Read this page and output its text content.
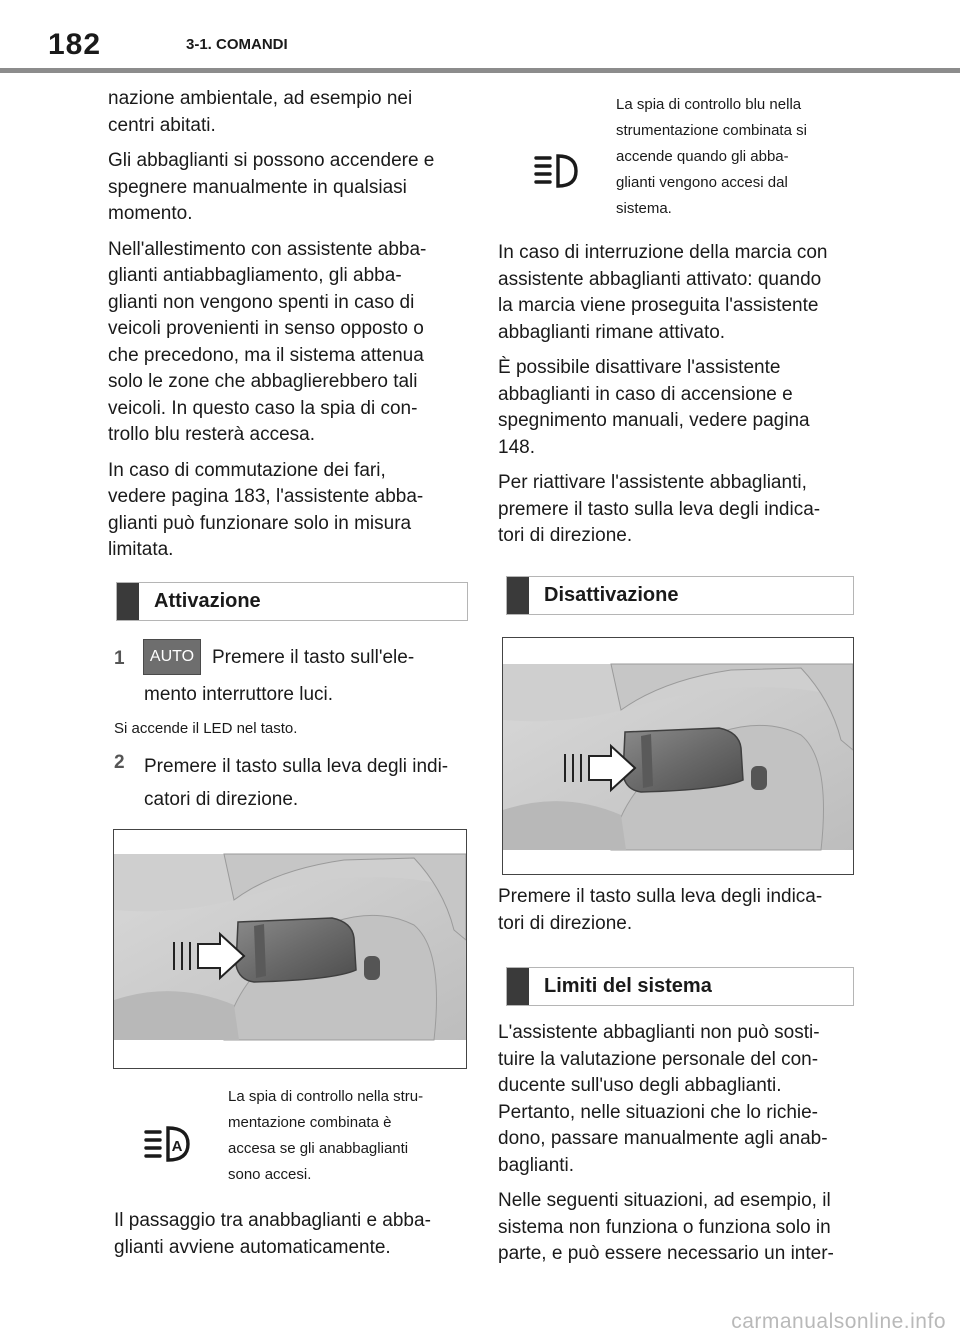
182	3-1. COMANDI

nazione ambientale, ad esempio nei
centri abitati.

Gli abbaglianti si possono accendere e
spegnere manualmente in qualsiasi
momento.

Nell'allestimento con assistente abba-
glianti antiabbagliamento, gli abba-
glianti non vengono spenti in caso di
veicoli provenienti in senso opposto o
che precedono, ma il sistema attenua
solo le zone che abbaglierebbero tali
veicoli. In questo caso la spia di con-
trollo blu resterà accesa.

In caso di commutazione dei fari,
vedere pagina 183, l'assistente abba-
glianti può funzionare solo in misura
limitata.

Attivazione
1	AUTO Premere il tasto sull'ele-
mento interruttore luci.
Si accende il LED nel tasto.
2 Premere il tasto sulla leva degli indi-
catori di direzione.
A
La spia di controllo nella stru-
mentazione combinata è
accesa se gli anabbaglianti
sono accesi.
Il passaggio tra anabbaglianti e abba-
glianti avviene automaticamente.
La spia di controllo blu nella
strumentazione combinata si
accende quando gli abba-
glianti vengono accesi dal
sistema.

In caso di interruzione della marcia con
assistente abbaglianti attivato: quando
la marcia viene proseguita l'assistente
abbaglianti rimane attivato.

È possibile disattivare l'assistente
abbaglianti in caso di accensione e
spegnimento manuali, vedere pagina
148.

Per riattivare l'assistente abbaglianti,
premere il tasto sulla leva degli indica-
tori di direzione.

Disattivazione
Premere il tasto sulla leva degli indica-
tori di direzione.
Limiti del sistema

L'assistente abbaglianti non può sosti-
tuire la valutazione personale del con-
ducente sull'uso degli abbaglianti.
Pertanto, nelle situazioni che lo richie-
dono, passare manualmente agli anab-
baglianti.

Nelle seguenti situazioni, ad esempio, il
sistema non funziona o funziona solo in
parte, e può essere necessario un inter-

carmanualsonline.info
